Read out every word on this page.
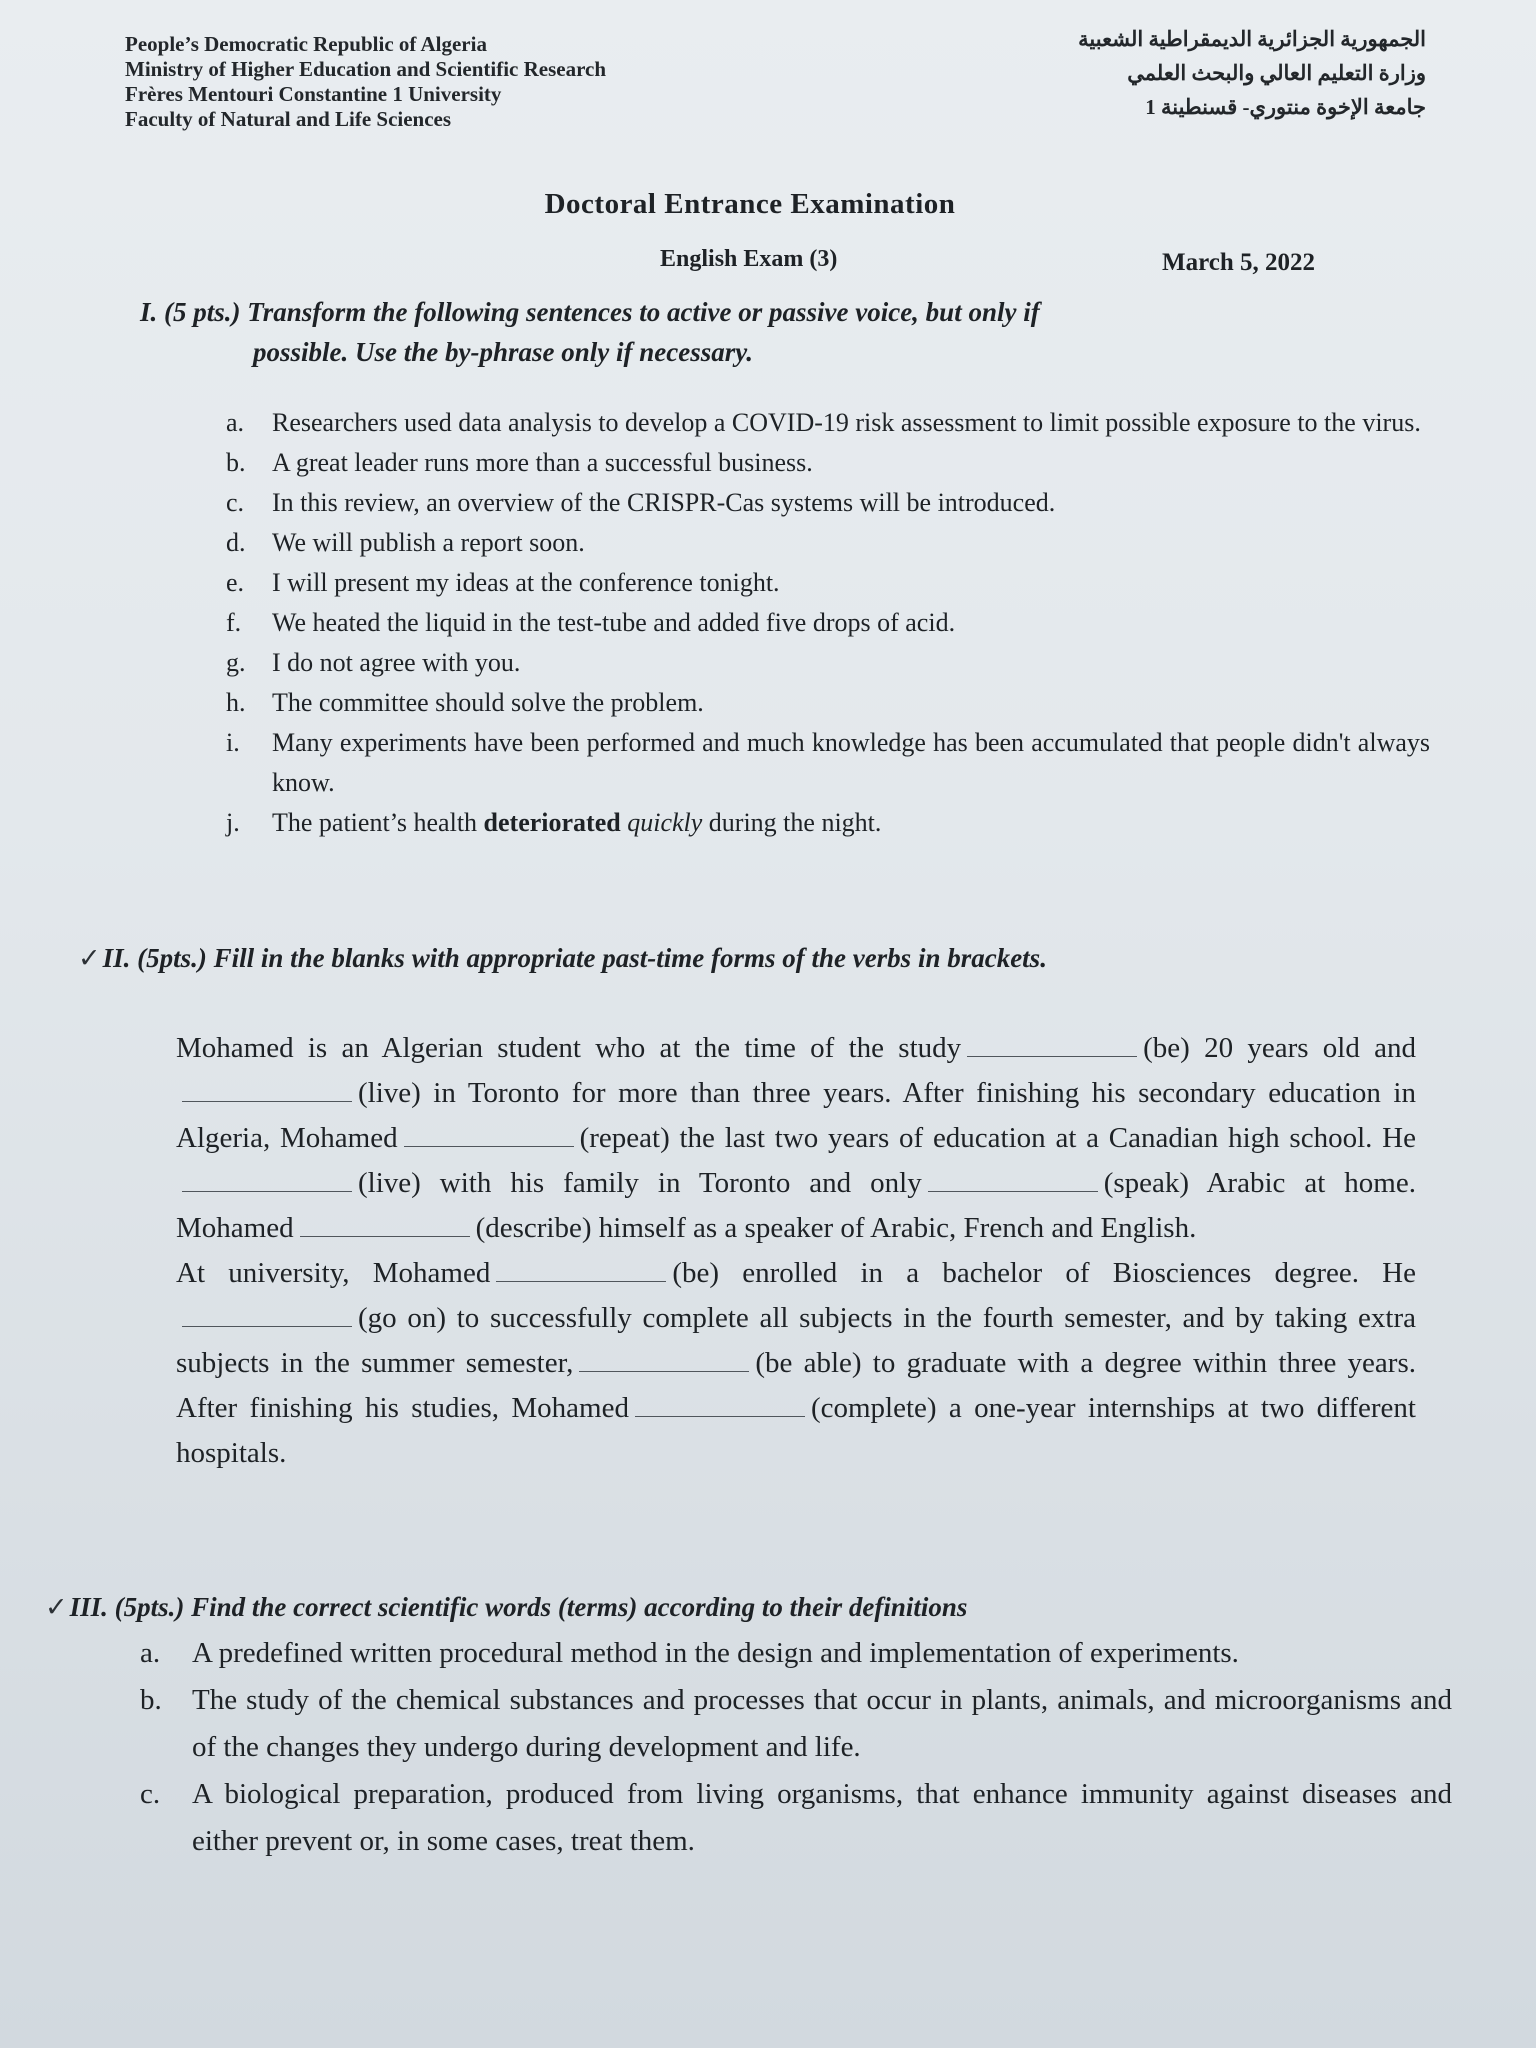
People’s Democratic Republic of Algeria
Ministry of Higher Education and Scientific Research
Frères Mentouri Constantine 1 University
Faculty of Natural and Life Sciences
الجمهورية الجزائرية الديمقراطية الشعبية
وزارة التعليم العالي والبحث العلمي
جامعة الإخوة منتوري- قسنطينة 1
Doctoral Entrance Examination
English Exam (3)	March 5, 2022
I. (5 pts.) Transform the following sentences to active or passive voice, but only if
possible. Use the by-phrase only if necessary.
a. Researchers used data analysis to develop a COVID-19 risk assessment to limit possible exposure to the virus.
b. A great leader runs more than a successful business.
c. In this review, an overview of the CRISPR-Cas systems will be introduced.
d. We will publish a report soon.
e. I will present my ideas at the conference tonight.
f. We heated the liquid in the test-tube and added five drops of acid.
g. I do not agree with you.
h. The committee should solve the problem.
i. Many experiments have been performed and much knowledge has been accumulated that people didn't always know.
j. The patient’s health deteriorated quickly during the night.
✓II. (5pts.) Fill in the blanks with appropriate past-time forms of the verbs in brackets.
Mohamed is an Algerian student who at the time of the study	(be) 20 years old and(live) in Toronto for more than three years. After finishing his secondary education in Algeria, Mohamed	(repeat) the last two years of education at a Canadian high school. He(live) with his family in Toronto and only	(speak) Arabic at home. Mohamed	(describe) himself as a speaker of Arabic, French and English.
At university, Mohamed	(be) enrolled in a bachelor of Biosciences degree. He(go on) to successfully complete all subjects in the fourth semester, and by taking extra subjects in the summer semester,	(be able) to graduate with a degree within three years. After finishing his studies, Mohamed	(complete) a one-year internships at two different hospitals.
✓III. (5pts.) Find the correct scientific words (terms) according to their definitions
a. A predefined written procedural method in the design and implementation of experiments.
b. The study of the chemical substances and processes that occur in plants, animals, and microorganisms and of the changes they undergo during development and life.
c. A biological preparation, produced from living organisms, that enhance immunity against diseases and either prevent or, in some cases, treat them.
